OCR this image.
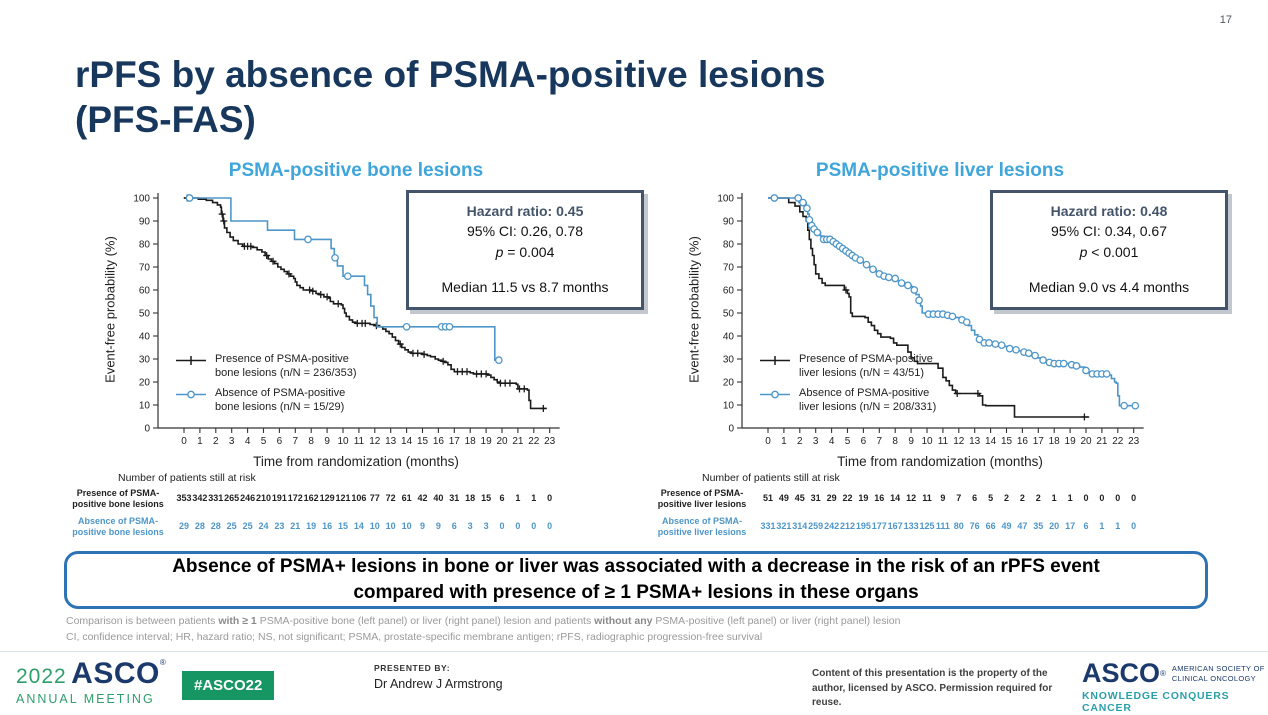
17
rPFS by absence of PSMA-positive lesions
(PFS-FAS)
PSMA-positive bone lesions
0
10
20
30
40
50
60
70
80
90
100
0 1 2 3 4 5 6 7 8 9 10 11 12 13 14 15 16 17 18 19 20 21 22 23
Event-free probability (%)	Presence of PSMA-positive
bone lesions (n/N = 236/353)
Absence of PSMA-positive
bone lesions (n/N = 15/29)
Hazard ratio: 0.45
95% CI: 0.26, 0.78
p = 0.004
Median 11.5 vs 8.7 months
Time from randomization (months)
Number of patients still at risk
Presence of PSMA-
positive bone lesions
353 342 331 265 246 210 191 172 162 129 121 106 77 72 61 42 40 31 18 15 6 1 1 0
Absence of PSMA-
positive bone lesions
29 28 28 25 25 24 23 21 19 16 15 14 10 10 10 9 9 6 3 3 0 0 0 0
PSMA-positive liver lesions
0
10
20
30
40
50
60
70
80
90
100
0 1 2 3 4 5 6 7 8 9 10 11 12 13 14 15 16 17 18 19 20 21 22 23
Event-free probability (%)	Presence of PSMA-positive
liver lesions (n/N = 43/51)
Absence of PSMA-positive
liver lesions (n/N = 208/331)
Hazard ratio: 0.48
95% CI: 0.34, 0.67
p < 0.001
Median 9.0 vs 4.4 months
Time from randomization (months)
Number of patients still at risk
Presence of PSMA-
positive liver lesions
51 49 45 31 29 22 19 16 14 12 11 9 7 6 5 2 2 2 1 1 0 0 0 0
Absence of PSMA-
positive liver lesions
331 321 314 259 242 212 195 177 167 133 125 111 80 76 66 49 47 35 20 17 6 1 1 0
Absence of PSMA+ lesions in bone or liver was associated with a decrease in the risk of an rPFS event
compared with presence of ≥ 1 PSMA+ lesions in these organs
Comparison is between patients with ≥ 1 PSMA-positive bone (left panel) or liver (right panel) lesion and patients without any PSMA-positive (left panel) or liver (right panel) lesion
CI, confidence interval; HR, hazard ratio; NS, not significant; PSMA, prostate-specific membrane antigen; rPFS, radiographic progression-free survival
2022 ASCO®
ANNUAL MEETING
#ASCO22
PRESENTED BY:
Dr Andrew J Armstrong
Content of this presentation is the property of the
author, licensed by ASCO. Permission required for reuse.
ASCO ®
AMERICAN SOCIETY OF
CLINICAL ONCOLOGY
KNOWLEDGE CONQUERS CANCER
